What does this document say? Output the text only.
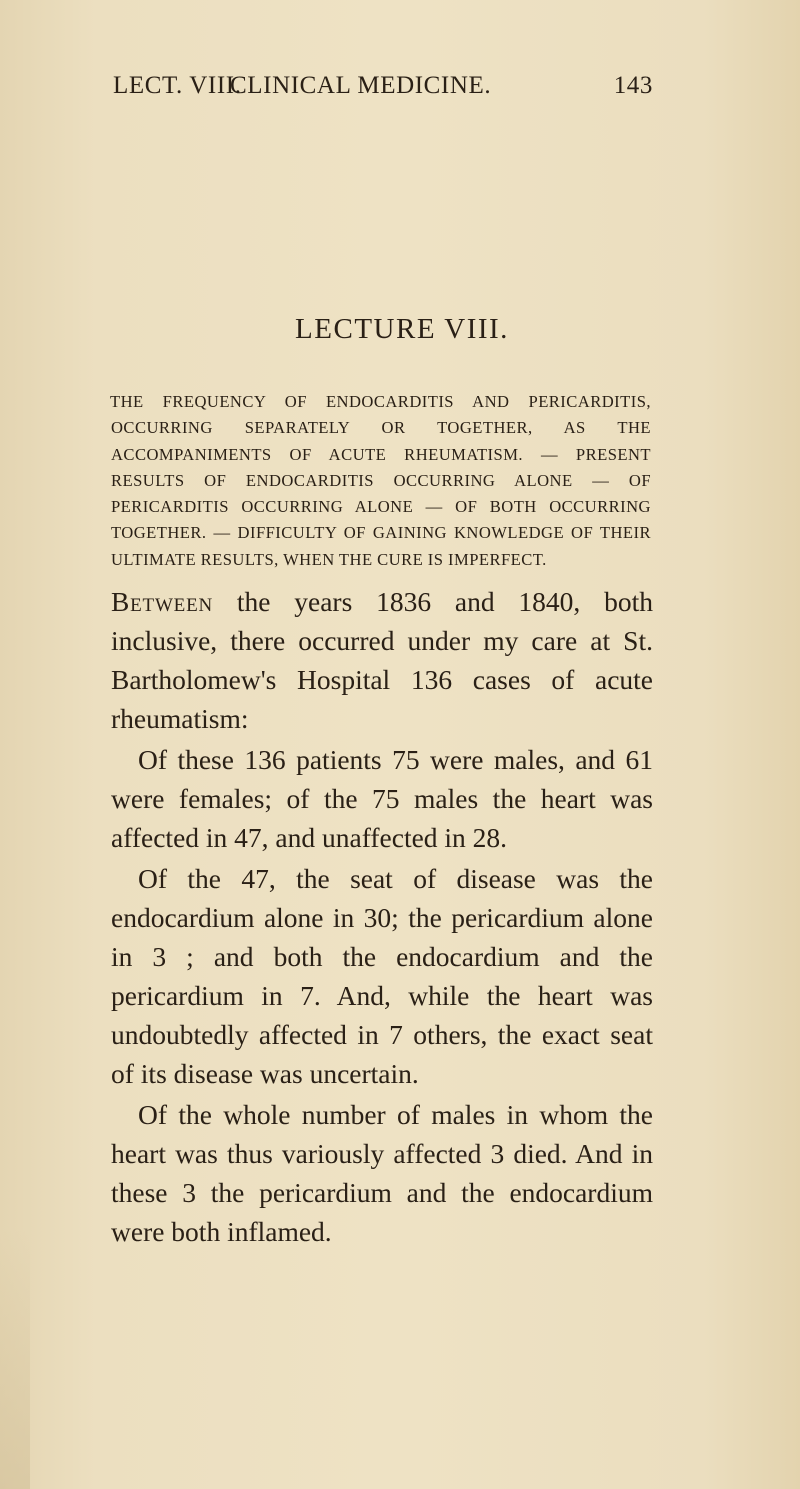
LECT. VIII.
CLINICAL MEDICINE.	143
LECTURE VIII.

THE FREQUENCY OF ENDOCARDITIS AND PERICARDITIS, OCCURRING SEPARATELY OR TOGETHER, AS THE ACCOMPANIMENTS OF ACUTE RHEUMATISM. — PRESENT RESULTS OF ENDOCARDITIS OCCURRING ALONE — OF PERICARDITIS OCCURRING ALONE — OF BOTH OCCURRING TOGETHER. — DIFFICULTY OF GAINING KNOWLEDGE OF THEIR ULTIMATE RESULTS, WHEN THE CURE IS IMPERFECT.

Between the years 1836 and 1840, both inclusive, there occurred under my care at St. Bartholomew's Hospital 136 cases of acute rheumatism:

Of these 136 patients 75 were males, and 61 were females; of the 75 males the heart was affected in 47, and unaffected in 28.

Of the 47, the seat of disease was the endocardium alone in 30; the pericardium alone in 3 ; and both the endocardium and the pericardium in 7. And, while the heart was undoubtedly affected in 7 others, the exact seat of its disease was uncertain.

Of the whole number of males in whom the heart was thus variously affected 3 died. And in these 3 the pericardium and the endocardium were both inflamed.
